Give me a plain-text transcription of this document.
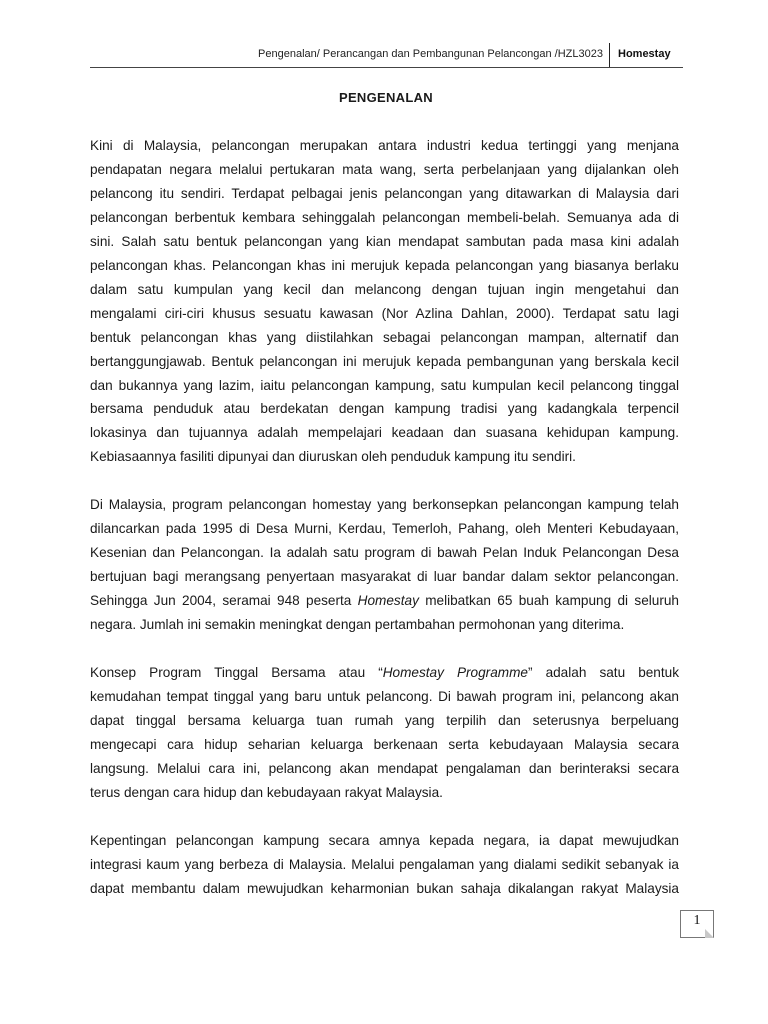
Pengenalan/ Perancangan dan Pembangunan Pelancongan /HZL3023 Homestay
PENGENALAN

Kini di Malaysia, pelancongan merupakan antara industri kedua tertinggi yang menjana
pendapatan negara melalui pertukaran mata wang, serta perbelanjaan yang dijalankan oleh
pelancong itu sendiri. Terdapat pelbagai jenis pelancongan yang ditawarkan di Malaysia dari
pelancongan berbentuk kembara sehinggalah pelancongan membeli-belah. Semuanya ada di
sini. Salah satu bentuk pelancongan yang kian mendapat sambutan pada masa kini adalah
pelancongan khas. Pelancongan khas ini merujuk kepada pelancongan yang biasanya berlaku
dalam satu kumpulan yang kecil dan melancong dengan tujuan ingin mengetahui dan
mengalami ciri-ciri khusus sesuatu kawasan (Nor Azlina Dahlan, 2000). Terdapat satu lagi
bentuk pelancongan khas yang diistilahkan sebagai pelancongan mampan, alternatif dan
bertanggungjawab. Bentuk pelancongan ini merujuk kepada pembangunan yang berskala kecil
dan bukannya yang lazim, iaitu pelancongan kampung, satu kumpulan kecil pelancong tinggal
bersama penduduk atau berdekatan dengan kampung tradisi yang kadangkala terpencil
lokasinya dan tujuannya adalah mempelajari keadaan dan suasana kehidupan kampung.
Kebiasaannya fasiliti dipunyai dan diuruskan oleh penduduk kampung itu sendiri.

Di Malaysia, program pelancongan homestay yang berkonsepkan pelancongan kampung telah
dilancarkan pada 1995 di Desa Murni, Kerdau, Temerloh, Pahang, oleh Menteri Kebudayaan,
Kesenian dan Pelancongan. Ia adalah satu program di bawah Pelan Induk Pelancongan Desa
bertujuan bagi merangsang penyertaan masyarakat di luar bandar dalam sektor pelancongan.
Sehingga Jun 2004, seramai 948 peserta Homestay melibatkan 65 buah kampung di seluruh
negara. Jumlah ini semakin meningkat dengan pertambahan permohonan yang diterima.

Konsep Program Tinggal Bersama atau “Homestay Programme” adalah satu bentuk
kemudahan tempat tinggal yang baru untuk pelancong. Di bawah program ini, pelancong akan
dapat tinggal bersama keluarga tuan rumah yang terpilih dan seterusnya berpeluang
mengecapi cara hidup seharian keluarga berkenaan serta kebudayaan Malaysia secara
langsung. Melalui cara ini, pelancong akan mendapat pengalaman dan berinteraksi secara
terus dengan cara hidup dan kebudayaan rakyat Malaysia.

Kepentingan pelancongan kampung secara amnya kepada negara, ia dapat mewujudkan
integrasi kaum yang berbeza di Malaysia. Melalui pengalaman yang dialami sedikit sebanyak ia
dapat membantu dalam mewujudkan keharmonian bukan sahaja dikalangan rakyat Malaysia

1
